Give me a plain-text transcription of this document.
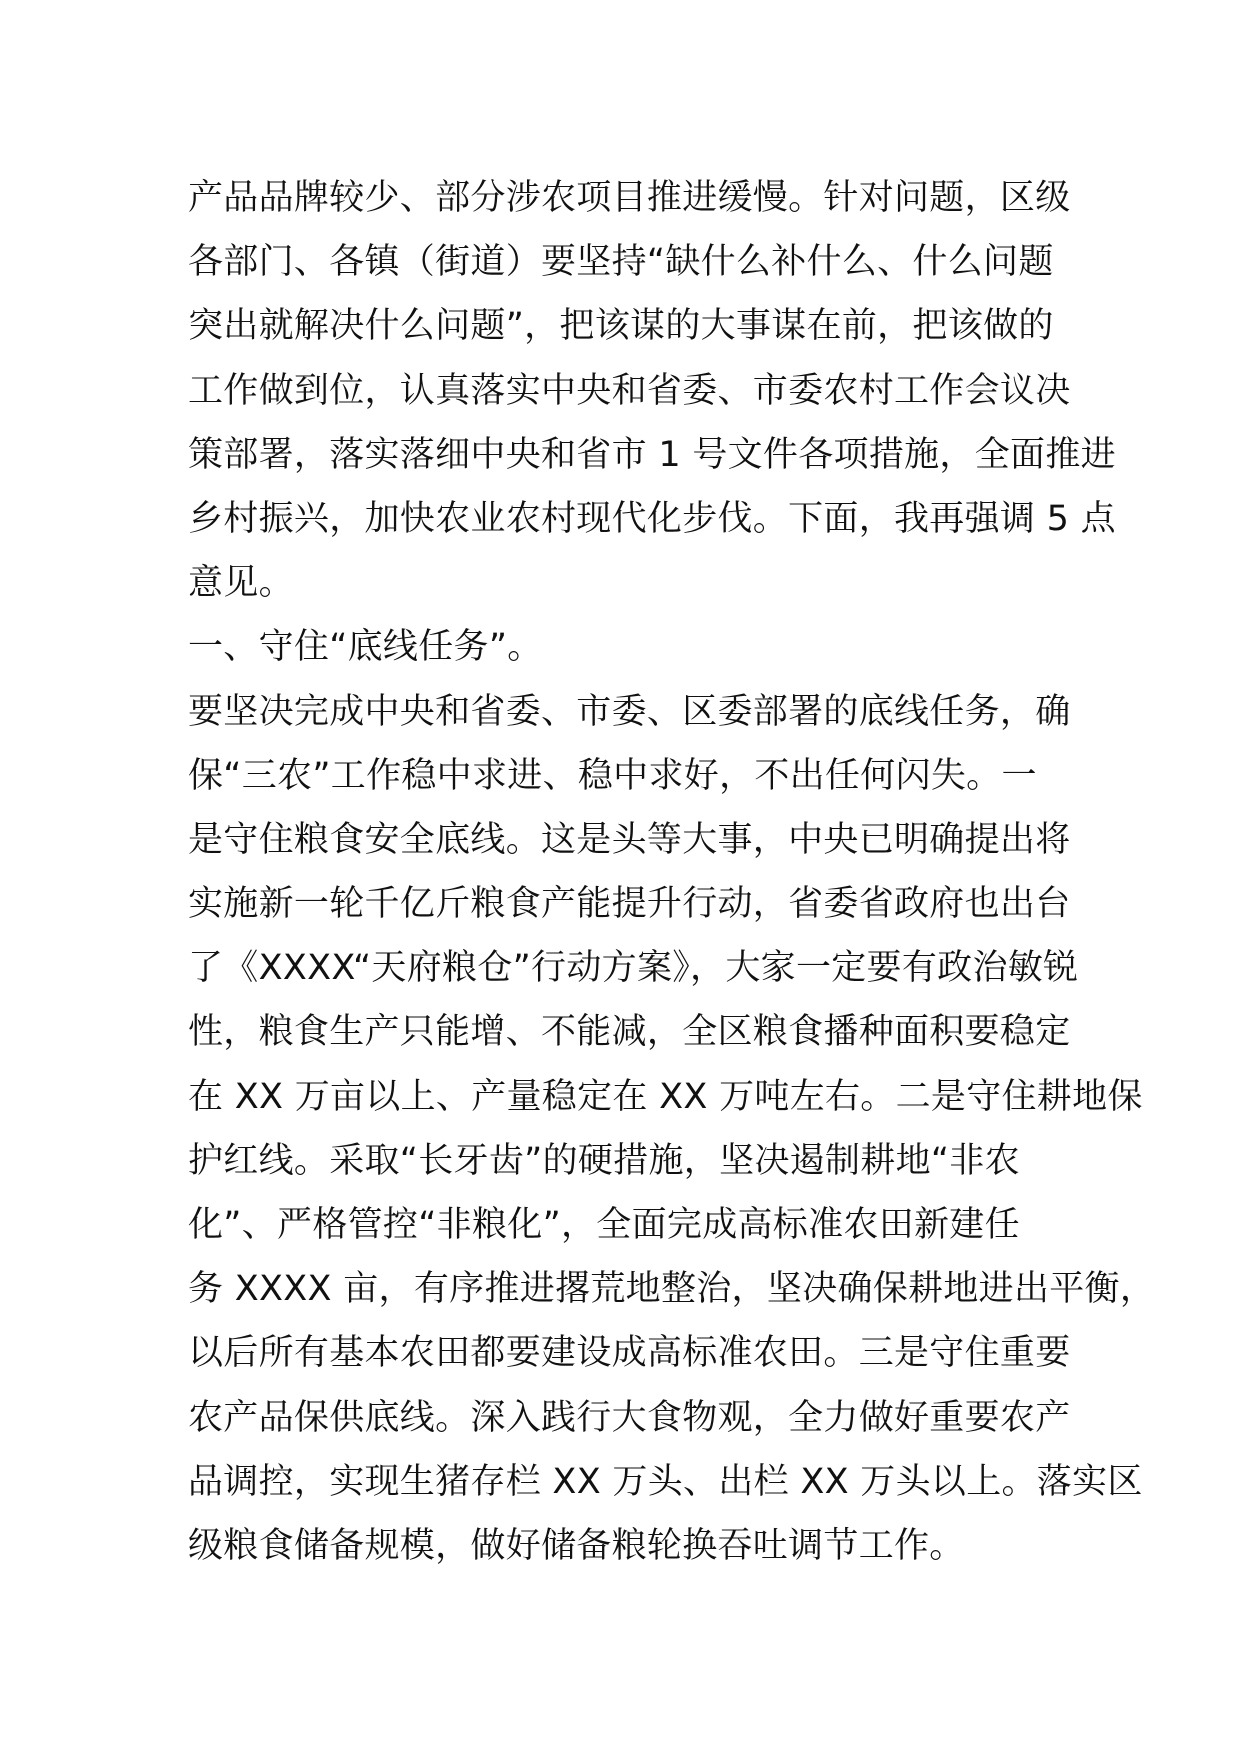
产品品牌较少、部分涉农项目推进缓慢。针对问题，区级
各部门、各镇（街道）要坚持“缺什么补什么、什么问题
突出就解决什么问题”，把该谋的大事谋在前，把该做的
工作做到位，认真落实中央和省委、市委农村工作会议决
策部署，落实落细中央和省市 1 号文件各项措施，全面推进
乡村振兴，加快农业农村现代化步伐。下面，我再强调 5 点
意见。
一、守住“底线任务”。
要坚决完成中央和省委、市委、区委部署的底线任务，确
保“三农”工作稳中求进、稳中求好，不出任何闪失。一
是守住粮食安全底线。这是头等大事，中央已明确提出将
实施新一轮千亿斤粮食产能提升行动，省委省政府也出台
了《XXXX“天府粮仓”行动方案》，大家一定要有政治敏锐
性，粮食生产只能增、不能减，全区粮食播种面积要稳定
在 XX 万亩以上、产量稳定在 XX 万吨左右。二是守住耕地保
护红线。采取“长牙齿”的硬措施，坚决遏制耕地“非农
化”、严格管控“非粮化”，全面完成高标准农田新建任
务 XXXX 亩，有序推进撂荒地整治，坚决确保耕地进出平衡，
以后所有基本农田都要建设成高标准农田。三是守住重要
农产品保供底线。深入践行大食物观，全力做好重要农产
品调控，实现生猪存栏 XX 万头、出栏 XX 万头以上。落实区
级粮食储备规模，做好储备粮轮换吞吐调节工作。
